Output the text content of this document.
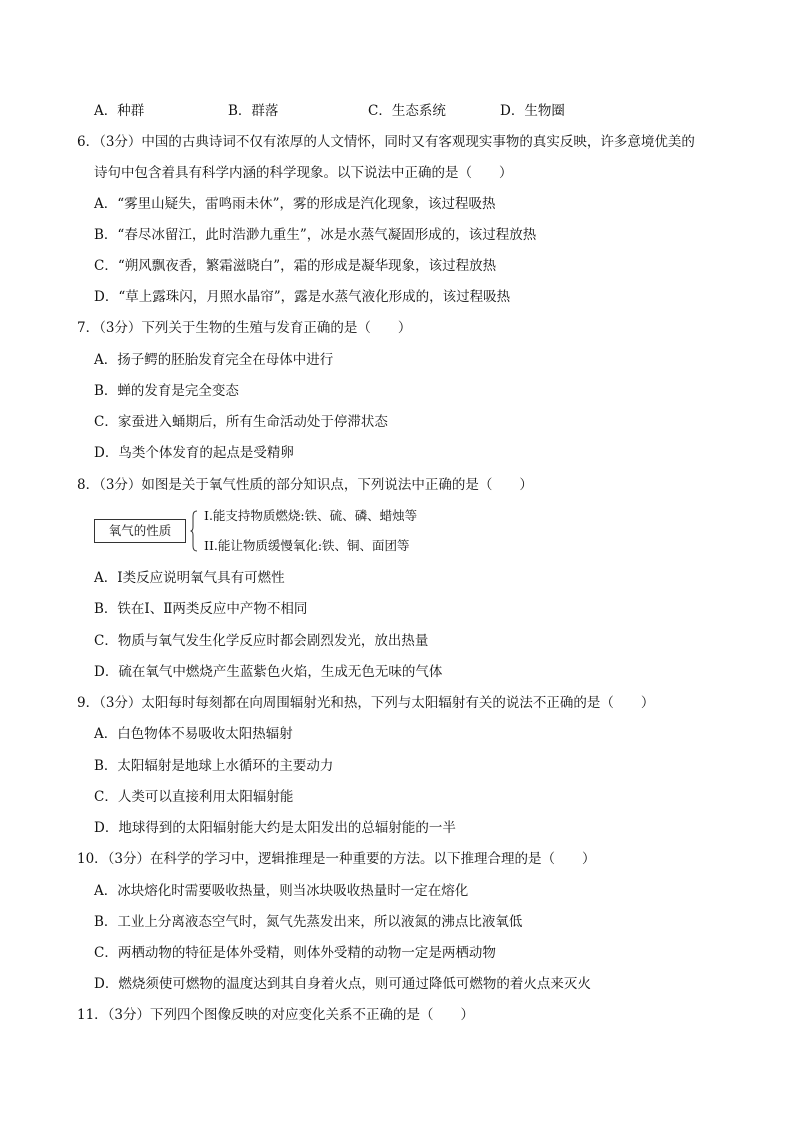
A．种群	B．群落	C．生态系统	D．生物圈
6．（3分）中国的古典诗词不仅有浓厚的人文情怀，同时又有客观现实事物的真实反映，许多意境优美的
诗句中包含着具有科学内涵的科学现象。以下说法中正确的是（　　）
A．“雾里山疑失，雷鸣雨未休”，雾的形成是汽化现象，该过程吸热
B．“春尽冰留江，此时浩渺九重生”，冰是水蒸气凝固形成的，该过程放热
C．“朔风飘夜香，繁霜滋晓白”，霜的形成是凝华现象，该过程放热
D．“草上露珠闪，月照水晶帘”，露是水蒸气液化形成的，该过程吸热
7．（3分）下列关于生物的生殖与发育正确的是（　　）
A．扬子鳄的胚胎发育完全在母体中进行
B．蝉的发育是完全变态
C．家蚕进入蛹期后，所有生命活动处于停滞状态
D．鸟类个体发育的起点是受精卵
8．（3分）如图是关于氧气性质的部分知识点，下列说法中正确的是（　　）
氧气的性质
I.能支持物质燃烧:铁、硫、磷、蜡烛等
II.能让物质缓慢氧化:铁、铜、面团等
A．Ⅰ类反应说明氧气具有可燃性
B．铁在Ⅰ、Ⅱ两类反应中产物不相同
C．物质与氧气发生化学反应时都会剧烈发光，放出热量
D．硫在氧气中燃烧产生蓝紫色火焰，生成无色无味的气体
9．（3分）太阳每时每刻都在向周围辐射光和热，下列与太阳辐射有关的说法不正确的是（　　）
A．白色物体不易吸收太阳热辐射
B．太阳辐射是地球上水循环的主要动力
C．人类可以直接利用太阳辐射能
D．地球得到的太阳辐射能大约是太阳发出的总辐射能的一半
10．（3分）在科学的学习中，逻辑推理是一种重要的方法。以下推理合理的是（　　）
A．冰块熔化时需要吸收热量，则当冰块吸收热量时一定在熔化
B．工业上分离液态空气时，氮气先蒸发出来，所以液氮的沸点比液氧低
C．两栖动物的特征是体外受精，则体外受精的动物一定是两栖动物
D．燃烧须使可燃物的温度达到其自身着火点，则可通过降低可燃物的着火点来灭火
11．（3分）下列四个图像反映的对应变化关系不正确的是（　　）
